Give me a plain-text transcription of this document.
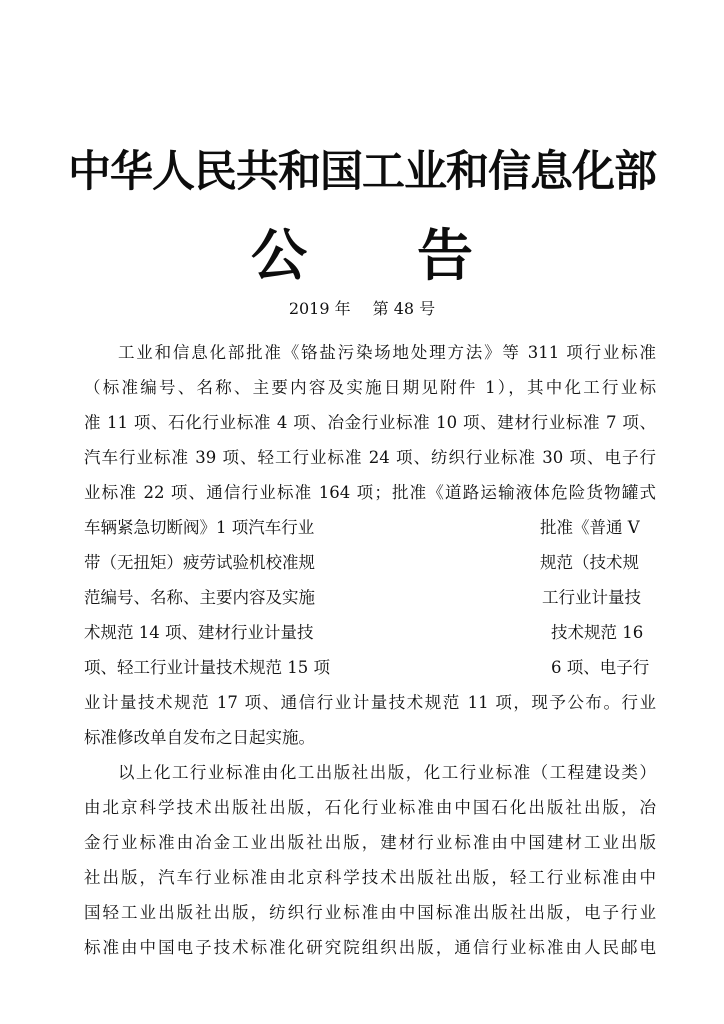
中华人民共和国工业和信息化部
公 告
2019 年 第 48 号
工业和信息化部批准《铬盐污染场地处理方法》等 311 项行业标准
（标准编号、名称、主要内容及实施日期见附件 1），其中化工行业标
准 11 项、石化行业标准 4 项、冶金行业标准 10 项、建材行业标准 7 项、
汽车行业标准 39 项、轻工行业标准 24 项、纺织行业标准 30 项、电子行
业标准 22 项、通信行业标准 164 项；批准《道路运输液体危险货物罐式
车辆紧急切断阀》1 项汽车行业
带（无扭矩）疲劳试验机校准规
范编号、名称、主要内容及实施
术规范 14 项、建材行业计量技
项、轻工行业计量技术规范 15 项
批准《普通 V
规范（技术规
工行业计量技
技术规范 16
6 项、电子行
业计量技术规范 17 项、通信行业计量技术规范 11 项，现予公布。行业
标准修改单自发布之日起实施。
以上化工行业标准由化工出版社出版，化工行业标准（工程建设类）
由北京科学技术出版社出版，石化行业标准由中国石化出版社出版，冶
金行业标准由冶金工业出版社出版，建材行业标准由中国建材工业出版
社出版，汽车行业标准由北京科学技术出版社出版，轻工行业标准由中
国轻工业出版社出版，纺织行业标准由中国标准出版社出版，电子行业
标准由中国电子技术标准化研究院组织出版，通信行业标准由人民邮电
